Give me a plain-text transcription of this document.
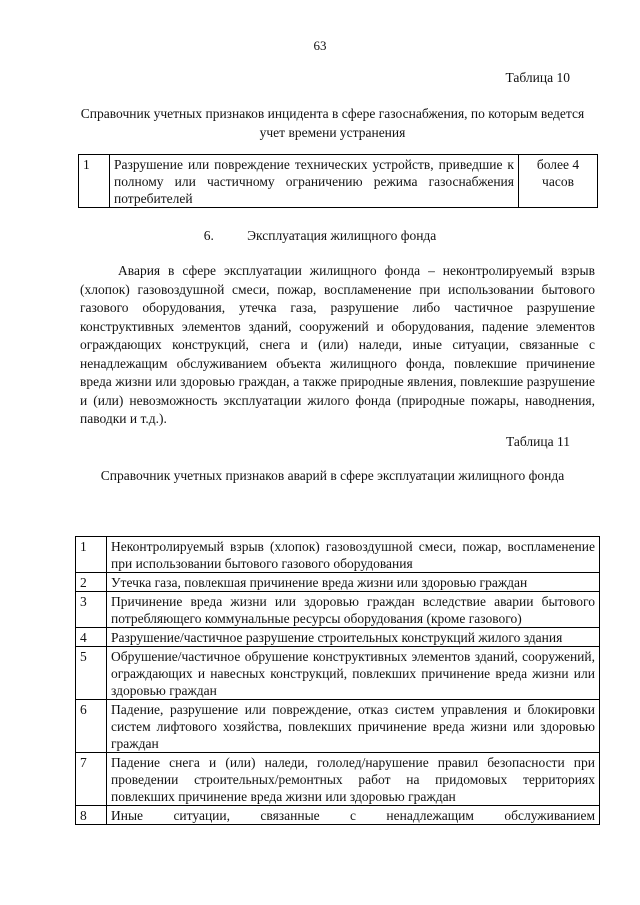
63
Таблица 10
Справочник учетных признаков инцидента в сфере газоснабжения, по которым ведется учет времени устранения
1	Разрушение или повреждение технических устройств, приведшие к полному или частичному ограничению режима газоснабжения потребителей	более 4 часов
6. Эксплуатация жилищного фонда
Авария в сфере эксплуатации жилищного фонда – неконтролируемый взрыв (хлопок) газовоздушной смеси, пожар, воспламенение при использовании бытового газового оборудования, утечка газа, разрушение либо частичное разрушение конструктивных элементов зданий, сооружений и оборудования, падение элементов ограждающих конструкций, снега и (или) наледи, иные ситуации, связанные с ненадлежащим обслуживанием объекта жилищного фонда, повлекшие причинение вреда жизни или здоровью граждан, а также природные явления, повлекшие разрушение и (или) невозможность эксплуатации жилого фонда (природные пожары, наводнения, паводки и т.д.).
Таблица 11
Справочник учетных признаков аварий в сфере эксплуатации жилищного фонда
1	Неконтролируемый взрыв (хлопок) газовоздушной смеси, пожар, воспламенение при использовании бытового газового оборудования
2	Утечка газа, повлекшая причинение вреда жизни или здоровью граждан
3	Причинение вреда жизни или здоровью граждан вследствие аварии бытового потребляющего коммунальные ресурсы оборудования (кроме газового)
4	Разрушение/частичное разрушение строительных конструкций жилого здания
5	Обрушение/частичное обрушение конструктивных элементов зданий, сооружений, ограждающих и навесных конструкций, повлекших причинение вреда жизни или здоровью граждан
6	Падение, разрушение или повреждение, отказ систем управления и блокировки систем лифтового хозяйства, повлекших причинение вреда жизни или здоровью граждан
7	Падение снега и (или) наледи, гололед/нарушение правил безопасности при проведении строительных/ремонтных работ на придомовых территориях повлекших причинение вреда жизни или здоровью граждан
8	Иные ситуации, связанные с ненадлежащим обслуживанием
